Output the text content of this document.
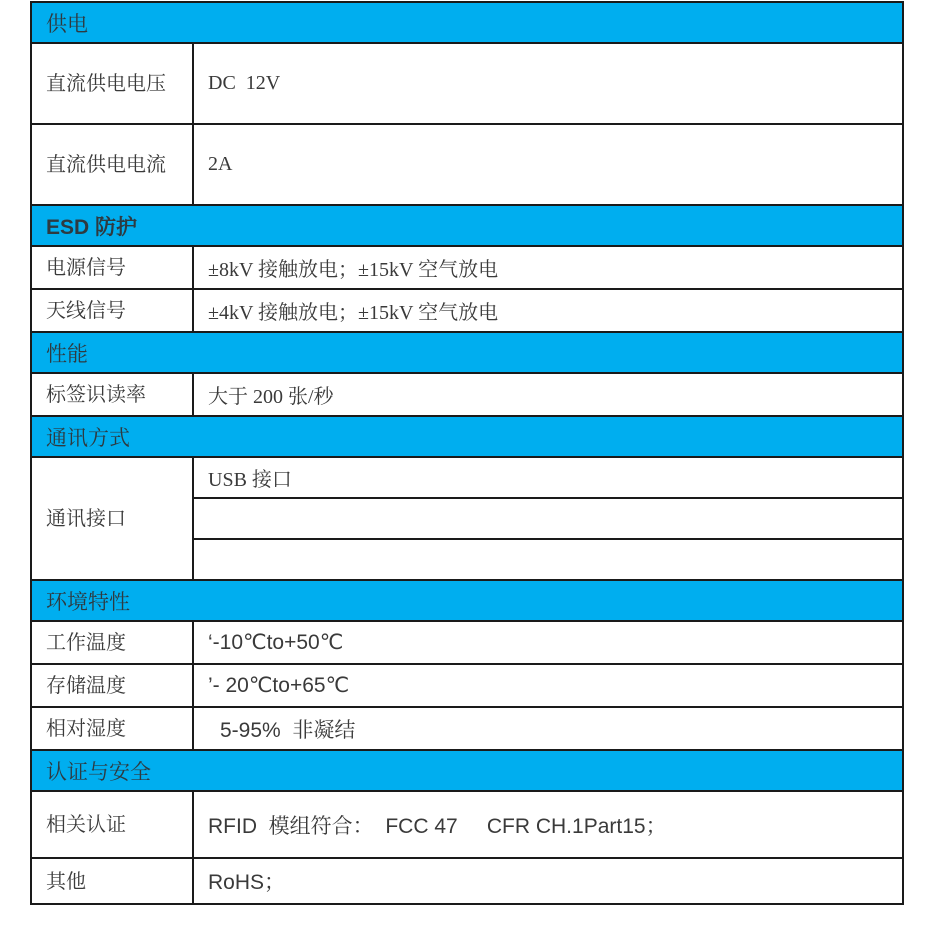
供电	
直流供电电压	DC  12V
直流供电电流	2A
ESD 防护	
电源信号	±8kV 接触放电；±15kV 空气放电
天线信号	±4kV 接触放电；±15kV 空气放电
性能	
标签识读率	大于 200 张/秒
通讯方式	
通讯接口	USB 接口

环境特性	
工作温度	‘-10℃to+50℃
存储温度	’- 20℃to+65℃
相对湿度	5-95%  非凝结
认证与安全	
相关认证	RFID  模组符合：  FCC 47     CFR CH.1Part15；
其他	RoHS；
